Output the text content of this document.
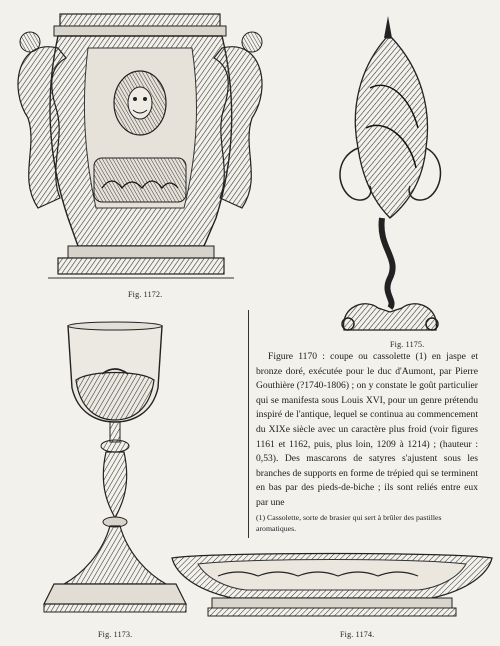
Fig. 1172.
Fig. 1175.
Fig. 1173.	Fig. 1174.

Figure 1170 : coupe ou cassolette (1) en jaspe et bronze doré, exécutée pour le duc d'Aumont, par Pierre Gouthière (?1740-1806) ; on y constate le goût particulier qui se manifesta sous Louis XVI, pour un genre prétendu inspiré de l'antique, lequel se continua au commencement du XIXe siècle avec un caractère plus froid (voir figures 1161 et 1162, puis, plus loin, 1209 à 1214) ; (hauteur : 0,53). Des mascarons de satyres s'ajustent sous les branches de supports en forme de trépied qui se terminent en bas par des pieds-de-biche ; ils sont reliés entre eux par une

(1) Cassolette, sorte de brasier qui sert à brûler des pastilles aromatiques.
